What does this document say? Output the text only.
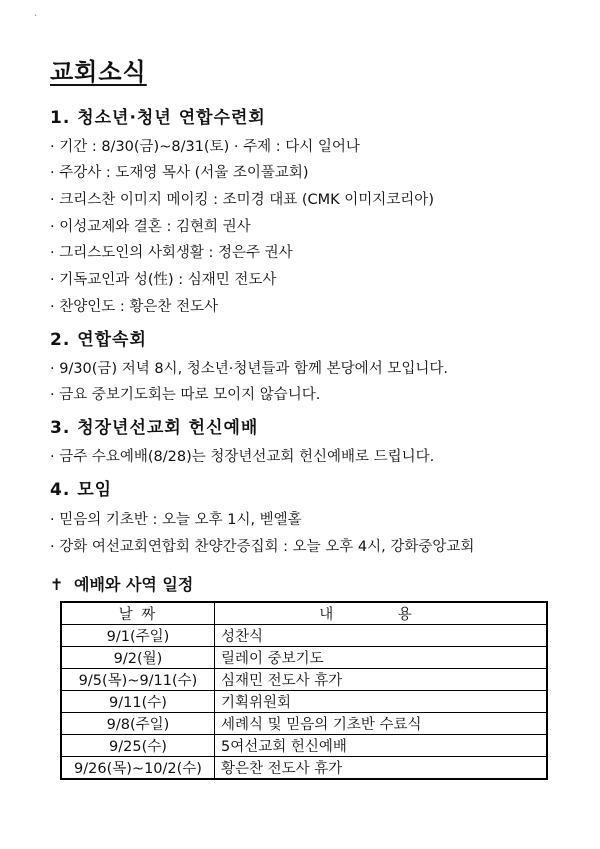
`
교회소식
1. 청소년·청년 연합수련회
· 기간 : 8/30(금)~8/31(토) · 주제 : 다시 일어나
· 주강사 : 도재영 목사 (서울 조이풀교회)
· 크리스찬 이미지 메이킹 : 조미경 대표 (CMK 이미지코리아)
· 이성교제와 결혼 : 김현희 권사
· 그리스도인의 사회생활 : 정은주 권사
· 기독교인과 성(性) : 심재민 전도사
· 찬양인도 : 황은찬 전도사
2. 연합속회
· 9/30(금) 저녁 8시, 청소년·청년들과 함께 본당에서 모입니다.
· 금요 중보기도회는 따로 모이지 않습니다.
3. 청장년선교회 헌신예배
· 금주 수요예배(8/28)는 청장년선교회 헌신예배로 드립니다.
4. 모임
· 믿음의 기초반 : 오늘 오후 1시, 벧엘홀
· 강화 여선교회연합회 찬양간증집회 : 오늘 오후 4시, 강화중앙교회
✝ 예배와 사역 일정
날 짜	내 용
9/1(주일)	성찬식
9/2(월)	릴레이 중보기도
9/5(목)~9/11(수)	심재민 전도사 휴가
9/11(수)	기획위원회
9/8(주일)	세례식 및 믿음의 기초반 수료식
9/25(수)	5여선교회 헌신예배
9/26(목)~10/2(수)	황은찬 전도사 휴가
